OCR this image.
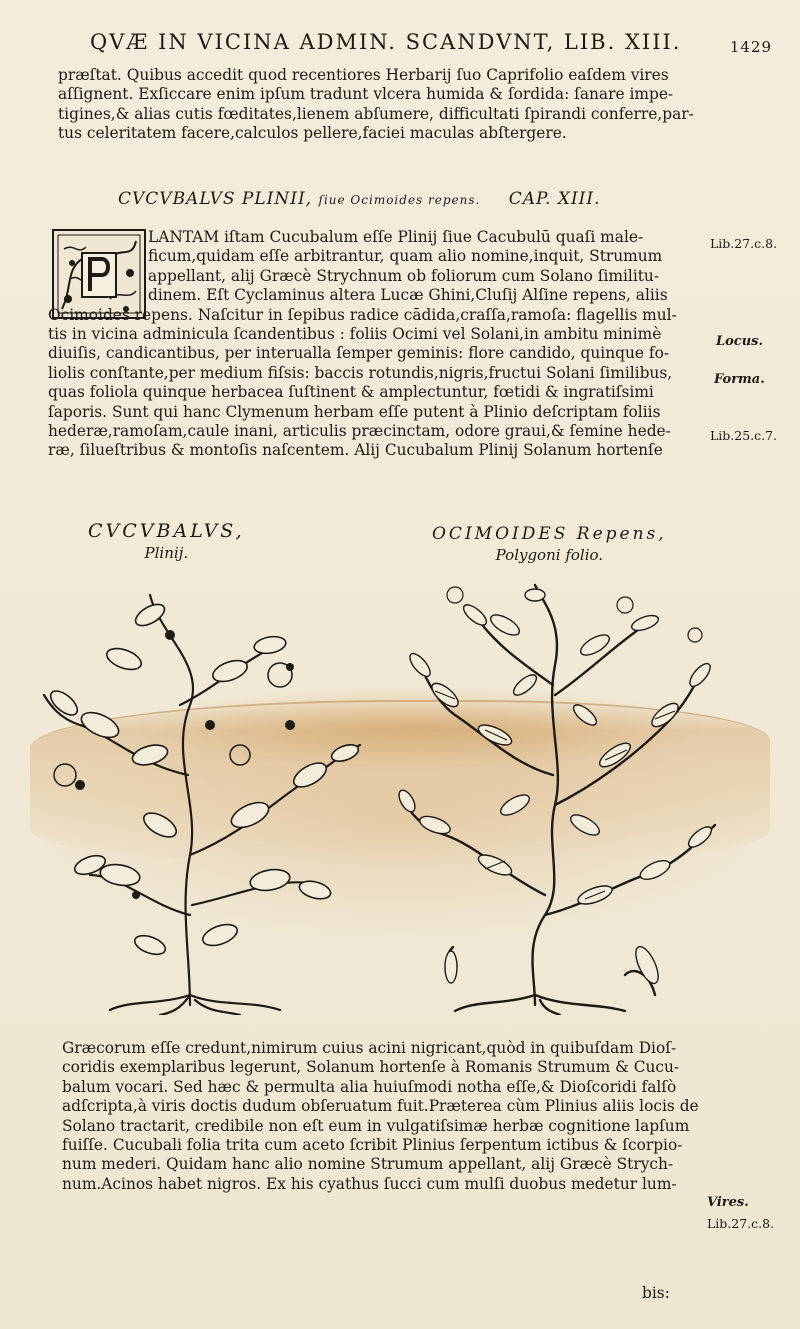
QVÆ IN VICINA ADMIN. SCANDVNT, LIB. XIII.	1429

præſtat. Quibus accedit quod recentiores Herbarij ſuo Caprifolio eaſdem vires
aſſignent. Exſiccare enim ipſum tradunt vlcera humida & ſordida: ſanare impe-
tigines,& alias cutis fœditates,lienem abſumere, difficultati ſpirandi conferre,par-
tus celeritatem facere,calculos pellere,faciei maculas abſtergere.

CVCVBALVS PLINII, ſiue Ocimoides repens. CAP. XIII.

LANTAM iſtam Cucubalum eſſe Plinij ſiue Cacubulū quaſi male-
ficum,quidam eſſe arbitrantur, quam alio nomine,inquit, Strumum
appellant, alij Græcè Strychnum ob foliorum cum Solano ſimilitu-
dinem. Eſt Cyclaminus altera Lucæ Ghini,Cluſij Alſine repens, aliis
Ocimoides repens. Naſcitur in ſepibus radice cādida,craſſa,ramoſa: flagellis mul-
tis in vicina adminicula ſcandentibus : foliis Ocimi vel Solani,in ambitu minimè
diuiſis, candicantibus, per interualla ſemper geminis: flore candido, quinque fo-
liolis conſtante,per medium fiſsis: baccis rotundis,nigris,fructui Solani ſimilibus,
quas foliola quinque herbacea ſuſtinent & amplectuntur, fœtidi & ingratiſsimi
ſaporis. Sunt qui hanc Clymenum herbam eſſe putent à Plinio deſcriptam foliis
hederæ,ramoſam,caule inani, articulis præcinctam, odore graui,& ſemine hede-
ræ, ſilueſtribus & montoſis naſcentem. Alij Cucubalum Plinij Solanum hortenſe

Lib.27.c.8.
Locus.
Forma.
Lib.25.c.7.
CVCVBALVS,
Plinij.
OCIMOIDES Repens,
Polygoni folio.

Græcorum eſſe credunt,nimirum cuius acini nigricant,quòd in quibuſdam Dioſ-
coridis exemplaribus legerunt, Solanum hortenſe à Romanis Strumum & Cucu-
balum vocari. Sed hæc & permulta alia huiuſmodi notha eſſe,& Dioſcoridi falſò
adſcripta,à viris doctis dudum obſeruatum fuit.Præterea cùm Plinius aliis locis de
Solano tractarit, credibile non eſt eum in vulgatiſsimæ herbæ cognitione lapſum
fuiſſe. Cucubali folia trita cum aceto ſcribit Plinius ſerpentum ictibus & ſcorpio-
num mederi. Quidam hanc alio nomine Strumum appellant, alij Græcè Strych-
num.Acinos habet nigros. Ex his cyathus ſucci cum mulſi duobus medetur lum-

Vires.
Lib.27.c.8.
bis:
